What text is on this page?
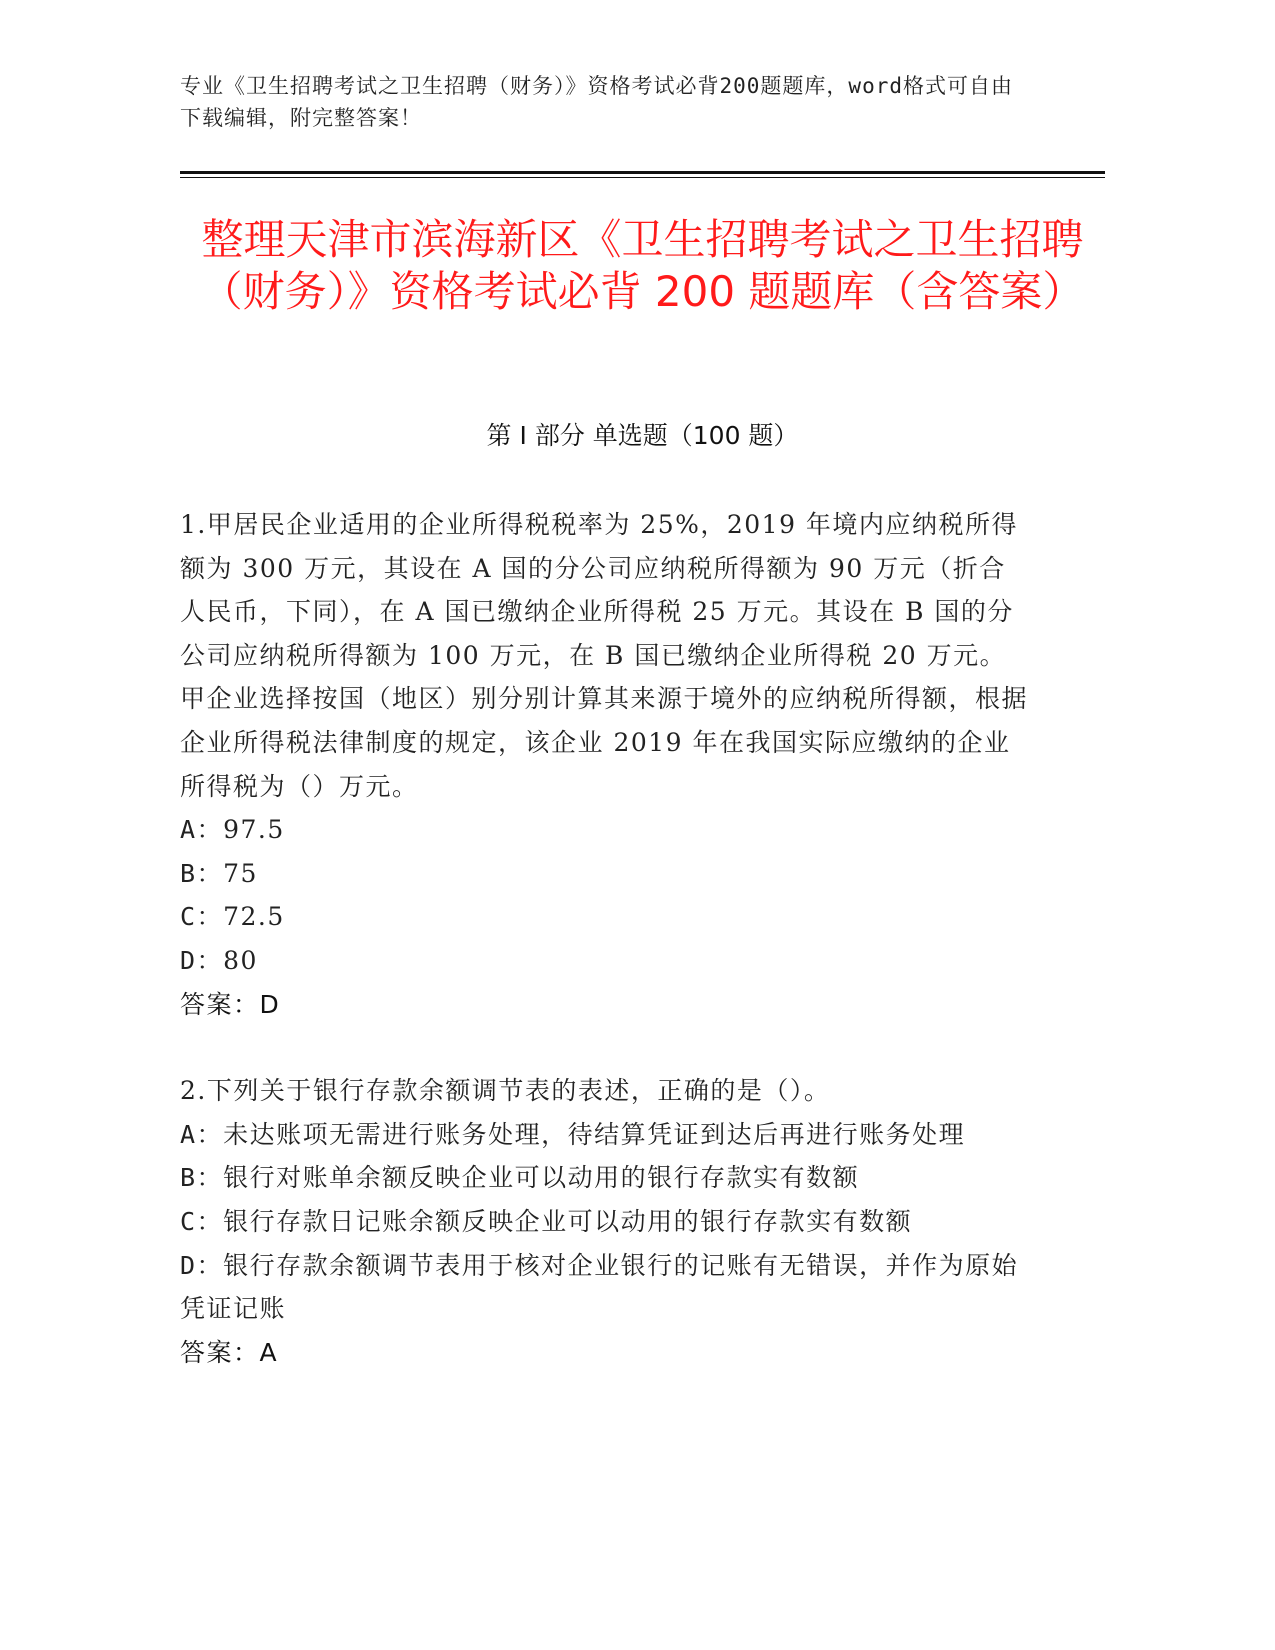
专业《卫生招聘考试之卫生招聘（财务）》资格考试必背200题题库，word格式可自由下载编辑，附完整答案！
整理天津市滨海新区《卫生招聘考试之卫生招聘（财务）》资格考试必背 200 题题库（含答案）
第 I 部分 单选题（100 题）

1.甲居民企业适用的企业所得税税率为 25%，2019 年境内应纳税所得额为 300 万元，其设在 A 国的分公司应纳税所得额为 90 万元（折合人民币，下同），在 A 国已缴纳企业所得税 25 万元。其设在 B 国的分公司应纳税所得额为 100 万元，在 B 国已缴纳企业所得税 20 万元。甲企业选择按国（地区）别分别计算其来源于境外的应纳税所得额，根据企业所得税法律制度的规定，该企业 2019 年在我国实际应缴纳的企业所得税为（）万元。

A：97.5

B：75

C：72.5

D：80

答案：D

2.下列关于银行存款余额调节表的表述，正确的是（）。

A：未达账项无需进行账务处理，待结算凭证到达后再进行账务处理

B：银行对账单余额反映企业可以动用的银行存款实有数额

C：银行存款日记账余额反映企业可以动用的银行存款实有数额

D：银行存款余额调节表用于核对企业银行的记账有无错误，并作为原始凭证记账

答案：A
